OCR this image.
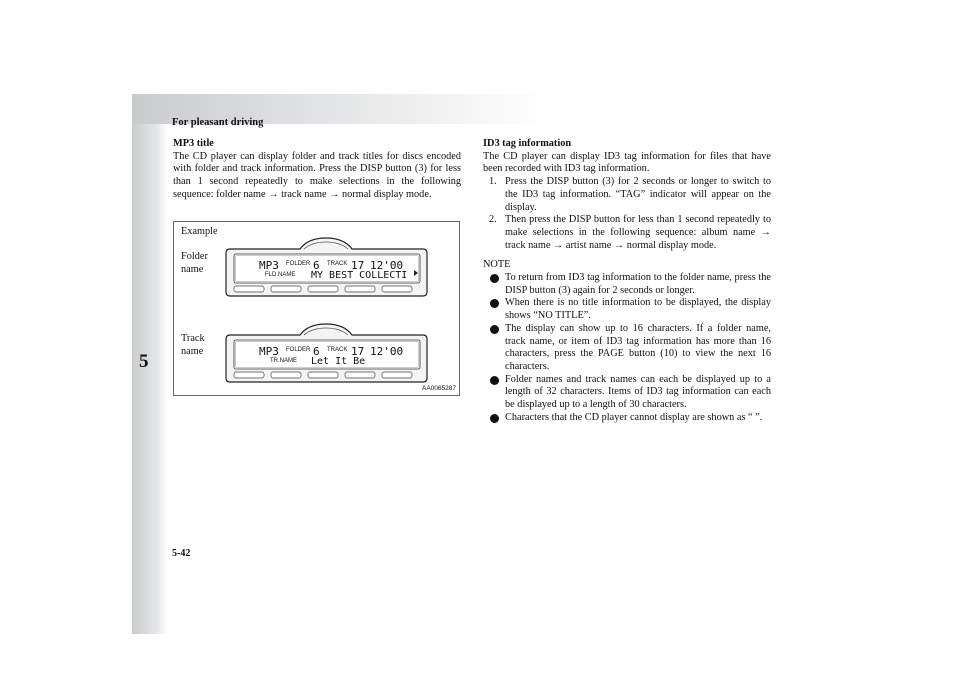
For pleasant driving
5
MP3 title
The CD player can display folder and track titles for discs encoded with folder and track information. Press the DISP button (3) for less than 1 second repeatedly to make selections in the following sequence: folder name → track name → normal display mode.
Example
Folder name
Track name
MP3 FOLDER 6 TRACK 17 12'00
FLD.NAME MY BEST COLLECTI
MP3 FOLDER 6 TRACK 17 12'00
TR.NAME Let It Be
AA0065287
ID3 tag information
The CD player can display ID3 tag information for files that have been recorded with ID3 tag information.
1. Press the DISP button (3) for 2 seconds or longer to switch to the ID3 tag information. “TAG” indicator will appear on the display.
2. Then press the DISP button for less than 1 second repeatedly to make selections in the following sequence: album name → track name → artist name → normal display mode.
NOTE
To return from ID3 tag information to the folder name, press the DISP button (3) again for 2 seconds or longer.
When there is no title information to be displayed, the display shows “NO TITLE”.
The display can show up to 16 characters. If a folder name, track name, or item of ID3 tag information has more than 16 characters, press the PAGE button (10) to view the next 16 characters.
Folder names and track names can each be displayed up to a length of 32 characters. Items of ID3 tag information can each be displayed up to a length of 30 characters.
Characters that the CD player cannot display are shown as “ ”.
5-42
